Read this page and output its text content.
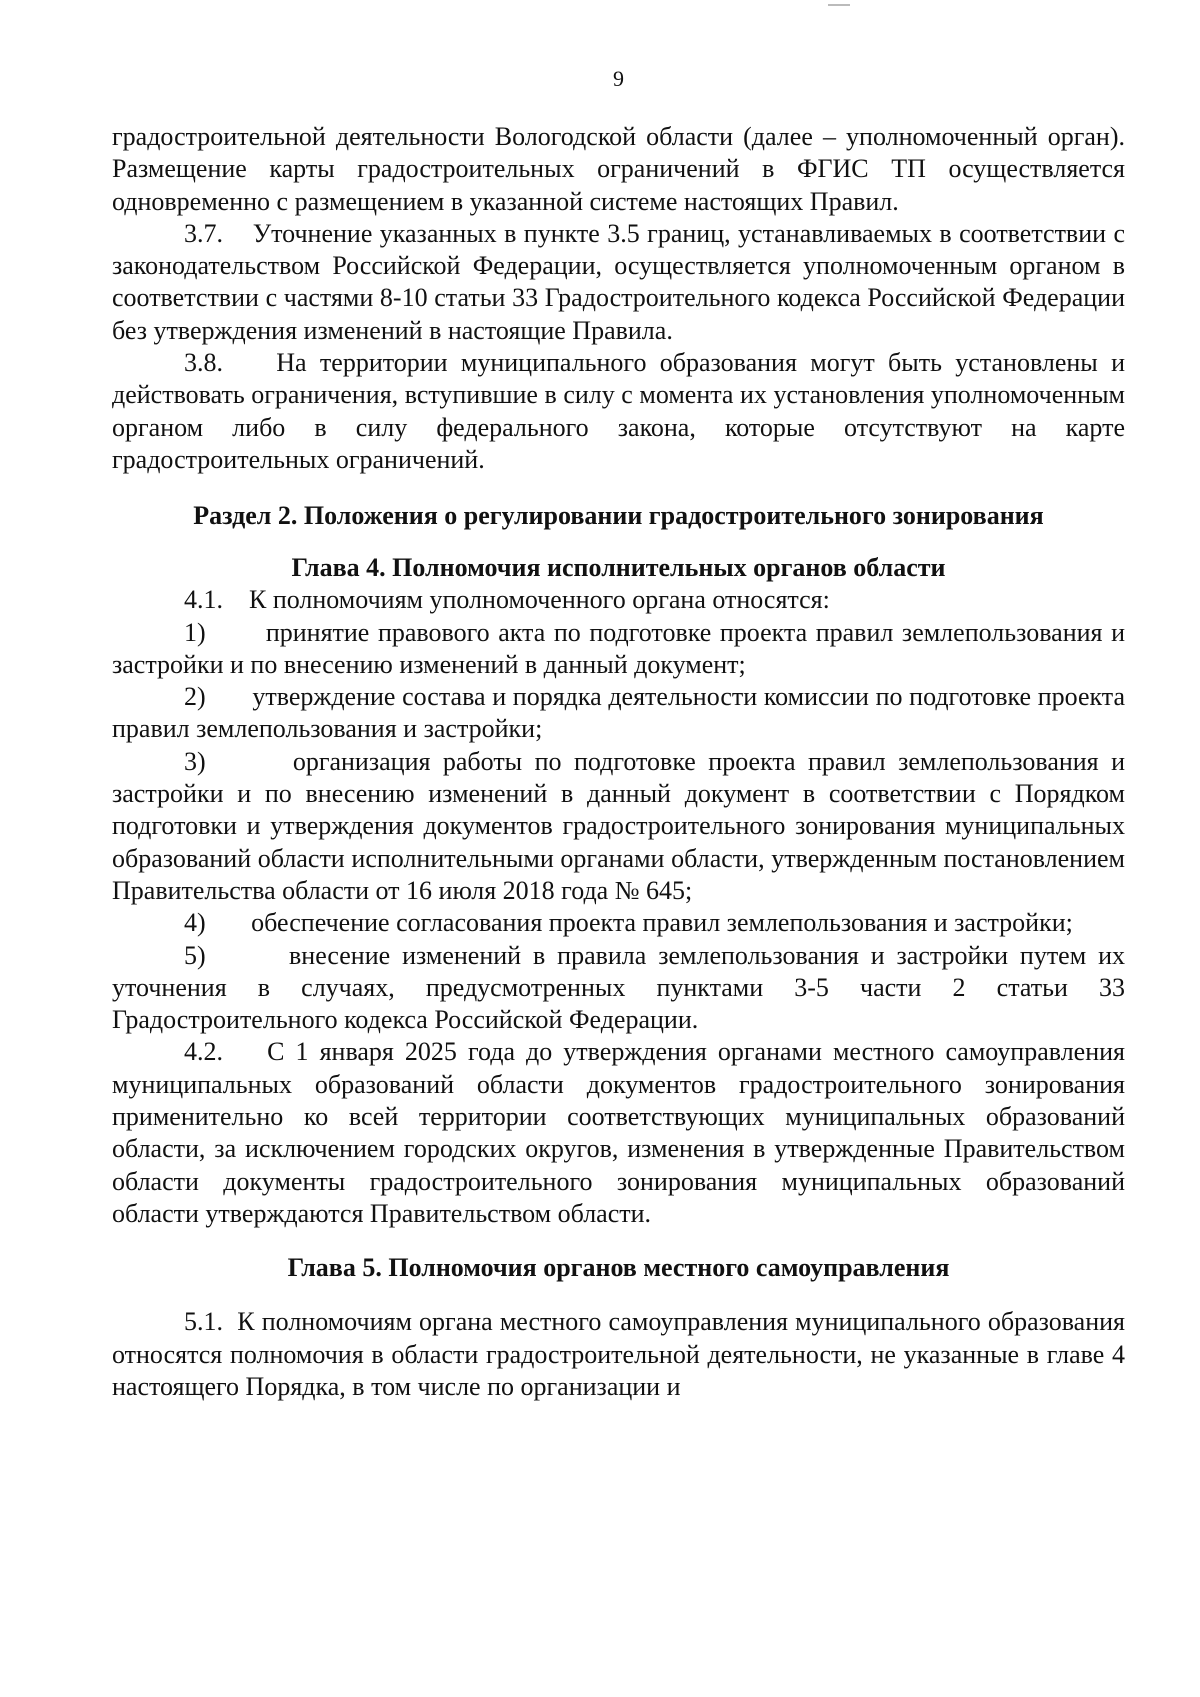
9

градостроительной деятельности Вологодской области (далее – уполномоченный орган). Размещение карты градостроительных ограничений в ФГИС ТП осуществляется одновременно с размещением в указанной системе настоящих Правил.

3.7. Уточнение указанных в пункте 3.5 границ, устанавливаемых в соответствии с законодательством Российской Федерации, осуществляется уполномоченным органом в соответствии с частями 8-10 статьи 33 Градостроительного кодекса Российской Федерации без утверждения изменений в настоящие Правила.

3.8. На территории муниципального образования могут быть установлены и действовать ограничения, вступившие в силу с момента их установления уполномоченным органом либо в силу федерального закона, которые отсутствуют на карте градостроительных ограничений.

Раздел 2. Положения о регулировании градостроительного зонирования
Глава 4. Полномочия исполнительных органов области

4.1. К полномочиям уполномоченного органа относятся:

1) принятие правового акта по подготовке проекта правил землепользования и застройки и по внесению изменений в данный документ;

2) утверждение состава и порядка деятельности комиссии по подготовке проекта правил землепользования и застройки;

3)	организация работы по подготовке проекта правил землепользования и застройки и по внесению изменений в данный документ в соответствии с Порядком подготовки и утверждения документов градостроительного зонирования муниципальных образований области исполнительными органами области, утвержденным постановлением Правительства области от 16 июля 2018 года № 645;

4) обеспечение согласования проекта правил землепользования и застройки;

5)	внесение изменений в правила землепользования и застройки путем их уточнения в случаях, предусмотренных пунктами 3-5 части 2 статьи 33 Градостроительного кодекса Российской Федерации.

4.2. С 1 января 2025 года до утверждения органами местного самоуправления муниципальных образований области документов градостроительного зонирования применительно ко всей территории соответствующих муниципальных образований области, за исключением городских округов, изменения в утвержденные Правительством области документы градостроительного зонирования муниципальных образований области утверждаются Правительством области.

Глава 5. Полномочия органов местного самоуправления

5.1. К полномочиям органа местного самоуправления муниципального образования относятся полномочия в области градостроительной деятельности, не указанные в главе 4 настоящего Порядка, в том числе по организации и
